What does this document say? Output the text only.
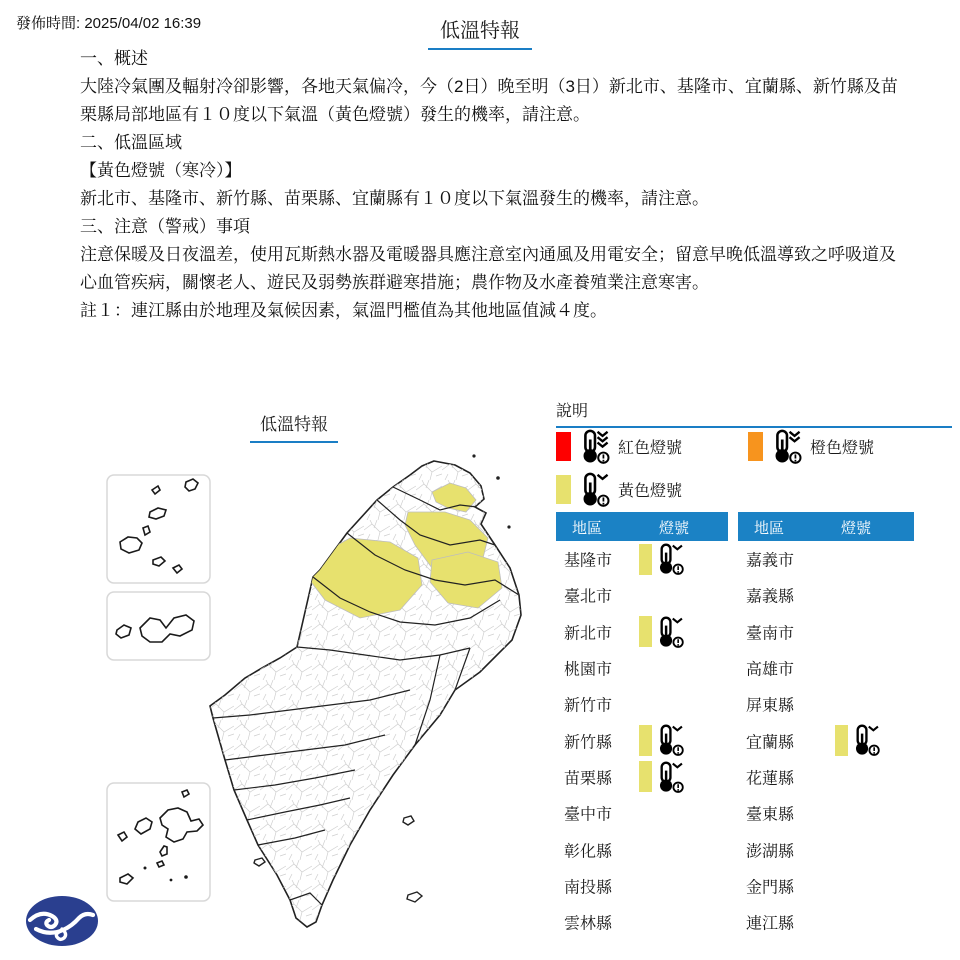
發佈時間: 2025/04/02 16:39	低溫特報
一、概述
大陸冷氣團及輻射冷卻影響，各地天氣偏冷，今（2日）晚至明（3日）新北市、基隆市、宜蘭縣、新竹縣及苗栗縣局部地區有１０度以下氣溫（黃色燈號）發生的機率，請注意。
二、低溫區域
【黃色燈號（寒冷）】
新北市、基隆市、新竹縣、苗栗縣、宜蘭縣有１０度以下氣溫發生的機率，請注意。
三、注意（警戒）事項
注意保暖及日夜溫差，使用瓦斯熱水器及電暖器具應注意室內通風及用電安全；留意早晚低溫導致之呼吸道及心血管疾病，關懷老人、遊民及弱勢族群避寒措施；農作物及水產養殖業注意寒害。
註１：連江縣由於地理及氣候因素，氣溫門檻值為其他地區值減４度。
低溫特報
說明
紅色燈號	橙色燈號
黃色燈號
地區	燈號
基隆市
臺北市
新北市
桃園市
新竹市
新竹縣
苗栗縣
臺中市
彰化縣
南投縣
雲林縣
地區	燈號
嘉義市
嘉義縣
臺南市
高雄市
屏東縣
宜蘭縣
花蓮縣
臺東縣
澎湖縣
金門縣
連江縣
